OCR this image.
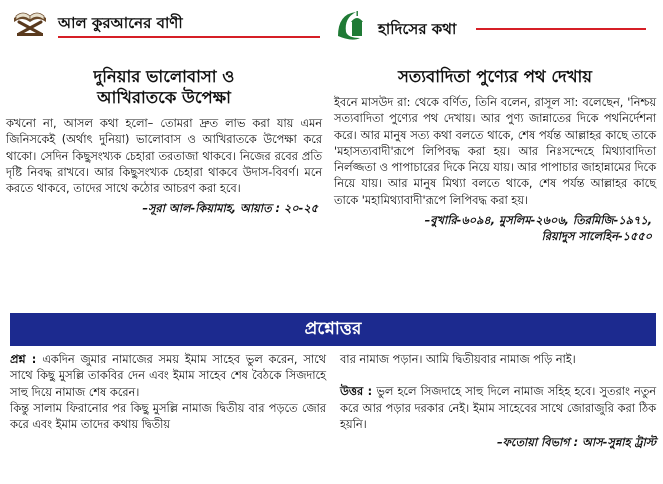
আল কুরআনের বাণী
দুনিয়ার ভালোবাসা ও
আখিরাতকে উপেক্ষা

কখনো না, আসল কথা হলো– তোমরা দ্রুত লাভ করা যায় এমন জিনিসকেই (অর্থাৎ দুনিয়া) ভালোবাস ও আখিরাতকে উপেক্ষা করে থাকো। সেদিন কিছুসংখ্যক চেহারা তরতাজা থাকবে। নিজের রবের প্রতি দৃষ্টি নিবদ্ধ রাখবে। আর কিছুসংখ্যক চেহারা থাকবে উদাস-বিবর্ণ। মনে করতে থাকবে, তাদের সাথে কঠোর আচরণ করা হবে।

–সূরা আল-কিয়ামাহ, আয়াত : ২০-২৫
হাদিসের কথা
সত্যবাদিতা পুণ্যের পথ দেখায়

ইবনে মাসউদ রা: থেকে বর্ণিত, তিনি বলেন, রাসূল সা: বলেছেন, 'নিশ্চয় সত্যবাদিতা পুণ্যের পথ দেখায়। আর পুণ্য জান্নাতের দিকে পথনির্দেশনা করে। আর মানুষ সত্য কথা বলতে থাকে, শেষ পর্যন্ত আল্লাহর কাছে তাকে 'মহাসত্যবাদী'রূপে লিপিবদ্ধ করা হয়। আর নিঃসন্দেহে মিথ্যাবাদিতা নির্লজ্জতা ও পাপাচারের দিকে নিয়ে যায়। আর পাপাচার জাহান্নামের দিকে নিয়ে যায়। আর মানুষ মিথ্যা বলতে থাকে, শেষ পর্যন্ত আল্লাহর কাছে তাকে 'মহামিথ্যাবাদী'রূপে লিপিবদ্ধ করা হয়।

–বুখারি-৬০৯৪, মুসলিম-২৬০৬, তিরমিজি-১৯৭১,
রিয়াদুস সালেহিন-১৫৫০
প্রশ্নোত্তর

প্রশ্ন : একদিন জুমার নামাজের সময় ইমাম সাহেব ভুল করেন, সাথে সাথে কিছু মুসল্লি তাকবির দেন এবং ইমাম সাহেব শেষ বৈঠকে সিজদাহে সাহু দিয়ে নামাজ শেষ করেন।

কিন্তু সালাম ফিরানোর পর কিছু মুসল্লি নামাজ দ্বিতীয় বার পড়তে জোর করে এবং ইমাম তাদের কথায় দ্বিতীয়

বার নামাজ পড়ান। আমি দ্বিতীয়বার নামাজ পড়ি নাই।

উত্তর : ভুল হলে সিজদাহে সাহু দিলে নামাজ সহিহ হবে। সুতরাং নতুন করে আর পড়ার দরকার নেই। ইমাম সাহেবের সাথে জোরাজুরি করা ঠিক হয়নি।

–ফতোয়া বিভাগ : আস-সুন্নাহ ট্রাস্ট
